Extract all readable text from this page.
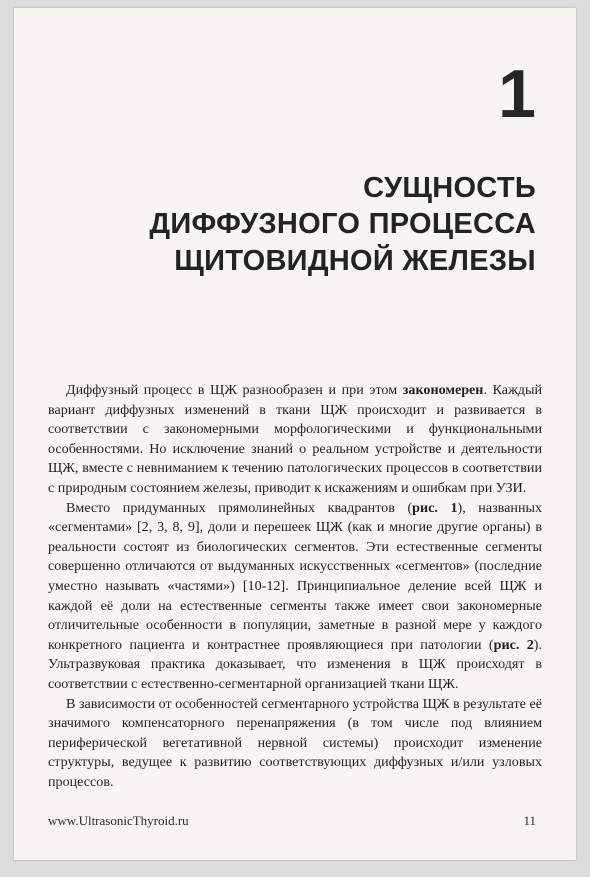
1
СУЩНОСТЬ
ДИФФУЗНОГО ПРОЦЕССА
ЩИТОВИДНОЙ ЖЕЛЕЗЫ

Диффузный процесс в ЩЖ разнообразен и при этом закономерен. Каждый вариант диффузных изменений в ткани ЩЖ происходит и развивается в соответствии с закономерными морфологическими и функциональными особенностями. Но исключение знаний о реальном устройстве и деятельности ЩЖ, вместе с невниманием к течению патологических процессов в соответствии с природным состоянием железы, приводит к искажениям и ошибкам при УЗИ.

Вместо придуманных прямолинейных квадрантов (рис. 1), названных «сегментами» [2, 3, 8, 9], доли и перешеек ЩЖ (как и многие другие органы) в реальности состоят из биологических сегментов. Эти естественные сегменты совершенно отличаются от выдуманных искусственных «сегментов» (последние уместно называть «частями») [10-12]. Принципиальное деление всей ЩЖ и каждой её доли на естественные сегменты также имеет свои закономерные отличительные особенности в популяции, заметные в разной мере у каждого конкретного пациента и контрастнее проявляющиеся при патологии (рис. 2). Ультразвуковая практика доказывает, что изменения в ЩЖ происходят в соответствии с естественно-сегментарной организацией ткани ЩЖ.

В зависимости от особенностей сегментарного устройства ЩЖ в результате её значимого компенсаторного перенапряжения (в том числе под влиянием периферической вегетативной нервной системы) происходит изменение структуры, ведущее к развитию соответствующих диффузных и/или узловых процессов.

www.UltrasonicThyroid.ru	11
